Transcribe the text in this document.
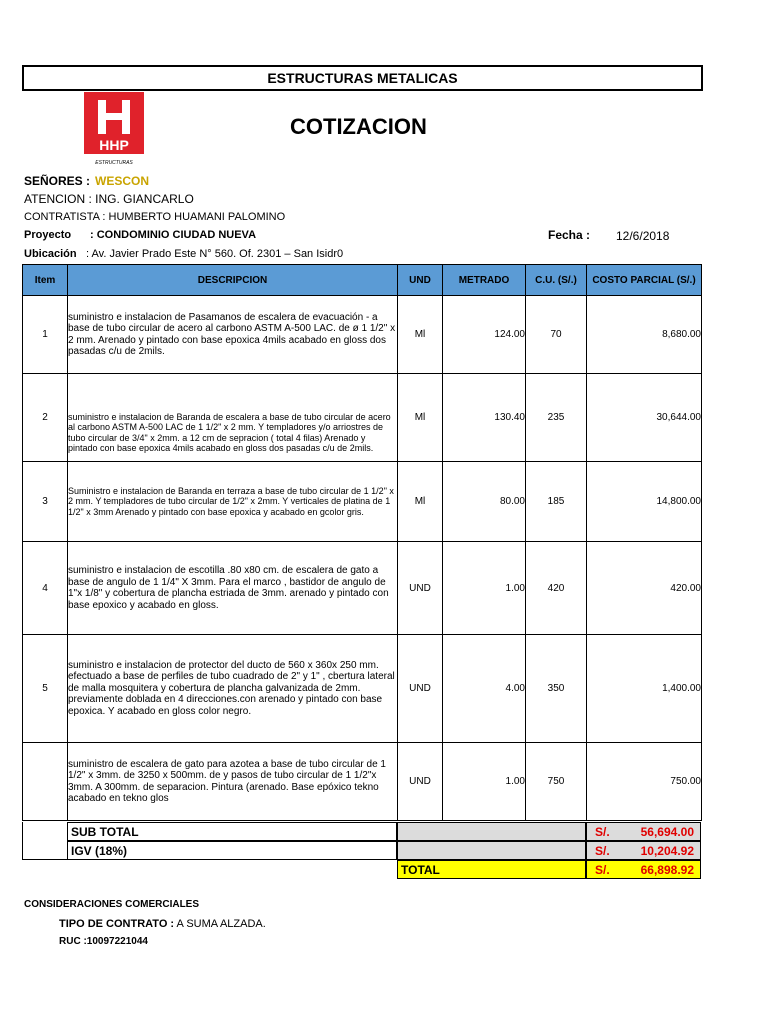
ESTRUCTURAS METALICAS
HHP
ESTRUCTURAS
COTIZACION
SEÑORES : WESCON
ATENCION : ING. GIANCARLO
CONTRATISTA : HUMBERTO HUAMANI PALOMINO
Proyecto : CONDOMINIO CIUDAD NUEVA	Fecha : 12/6/2018
Ubicación : Av. Javier Prado Este N° 560. Of. 2301 – San Isidr0
Item	DESCRIPCION	UND	METRADO	C.U. (S/.)	COSTO PARCIAL (S/.)
1	suministro e instalacion de Pasamanos de escalera de evacuación - a base de tubo circular de acero al carbono ASTM A-500 LAC. de ø 1 1/2" x 2 mm. Arenado y pintado con base epoxica 4mils acabado en gloss dos pasadas c/u de 2mils.	Ml	124.00	70	8,680.00
2	suministro e instalacion de Baranda de escalera a base de tubo circular de acero al carbono ASTM A-500 LAC de 1 1/2" x 2 mm. Y templadores y/o arriostres de tubo circular de 3/4" x 2mm. a 12 cm de sepracion ( total 4 filas) Arenado y pintado con base epoxica 4mils acabado en gloss dos pasadas c/u de 2mils.	Ml	130.40	235	30,644.00
3	Suministro e instalacion de Baranda en terraza a base de tubo circular de 1 1/2" x 2 mm. Y templadores de tubo circular de 1/2" x 2mm. Y verticales de platina de 1 1/2" x 3mm Arenado y pintado con base epoxica y acabado en gcolor gris.	Ml	80.00	185	14,800.00
4	suministro e instalacion de escotilla .80 x80 cm. de escalera de gato a base de angulo de 1 1/4" X 3mm. Para el marco , bastidor de angulo de 1"x 1/8" y cobertura de plancha estriada de 3mm. arenado y pintado con base epoxico y acabado en gloss.	UND	1.00	420	420.00
5	suministro e instalacion de protector del ducto de 560 x 360x 250 mm. efectuado a base de perfiles de tubo cuadrado de 2" y 1" , cbertura lateral de malla mosquitera y cobertura de plancha galvanizada de 2mm. previamente doblada en 4 direcciones.con arenado y pintado con base epoxica. Y acabado en gloss color negro.	UND	4.00	350	1,400.00
	suministro de escalera de gato para azotea a base de tubo circular de 1 1/2" x 3mm. de 3250 x 500mm. de y pasos de tubo circular de 1 1/2"x 3mm. A 300mm. de separacion. Pintura (arenado. Base epóxico tekno acabado en tekno glos	UND	1.00	750	750.00
SUB TOTAL	S/.	56,694.00
IGV (18%)	S/.	10,204.92
TOTAL	S/.	66,898.92
CONSIDERACIONES COMERCIALES
TIPO DE CONTRATO : A SUMA ALZADA.
RUC :10097221044
